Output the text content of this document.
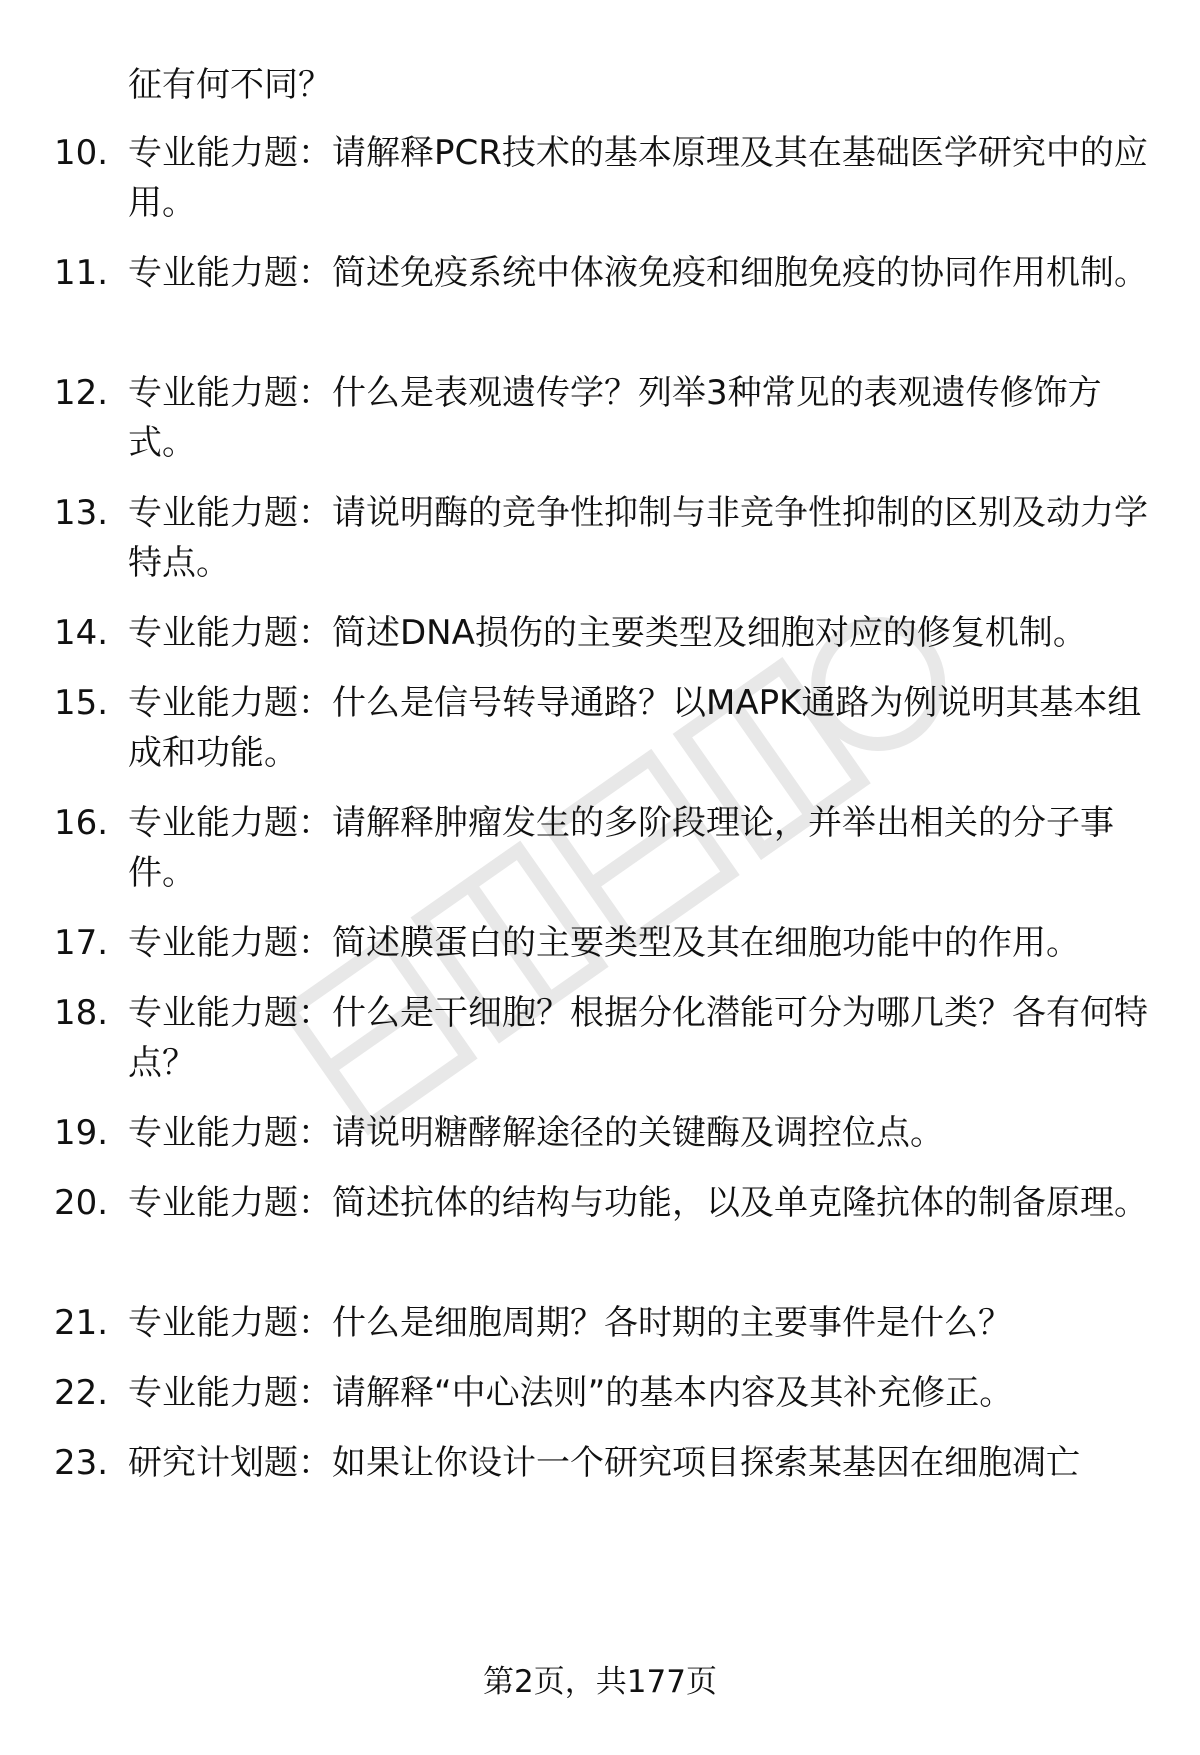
征有何不同？
10. 专业能力题：请解释PCR技术的基本原理及其在基础医学研究中的应用。
11. 专业能力题：简述免疫系统中体液免疫和细胞免疫的协同作用机制。
12. 专业能力题：什么是表观遗传学？列举3种常见的表观遗传修饰方式。
13. 专业能力题：请说明酶的竞争性抑制与非竞争性抑制的区别及动力学特点。
14. 专业能力题：简述DNA损伤的主要类型及细胞对应的修复机制。
15. 专业能力题：什么是信号转导通路？以MAPK通路为例说明其基本组成和功能。
16. 专业能力题：请解释肿瘤发生的多阶段理论，并举出相关的分子事件。
17. 专业能力题：简述膜蛋白的主要类型及其在细胞功能中的作用。
18. 专业能力题：什么是干细胞？根据分化潜能可分为哪几类？各有何特点？
19. 专业能力题：请说明糖酵解途径的关键酶及调控位点。
20. 专业能力题：简述抗体的结构与功能，以及单克隆抗体的制备原理。
21. 专业能力题：什么是细胞周期？各时期的主要事件是什么？
22. 专业能力题：请解释“中心法则”的基本内容及其补充修正。
23. 研究计划题：如果让你设计一个研究项目探索某基因在细胞凋亡
第2页，共177页
